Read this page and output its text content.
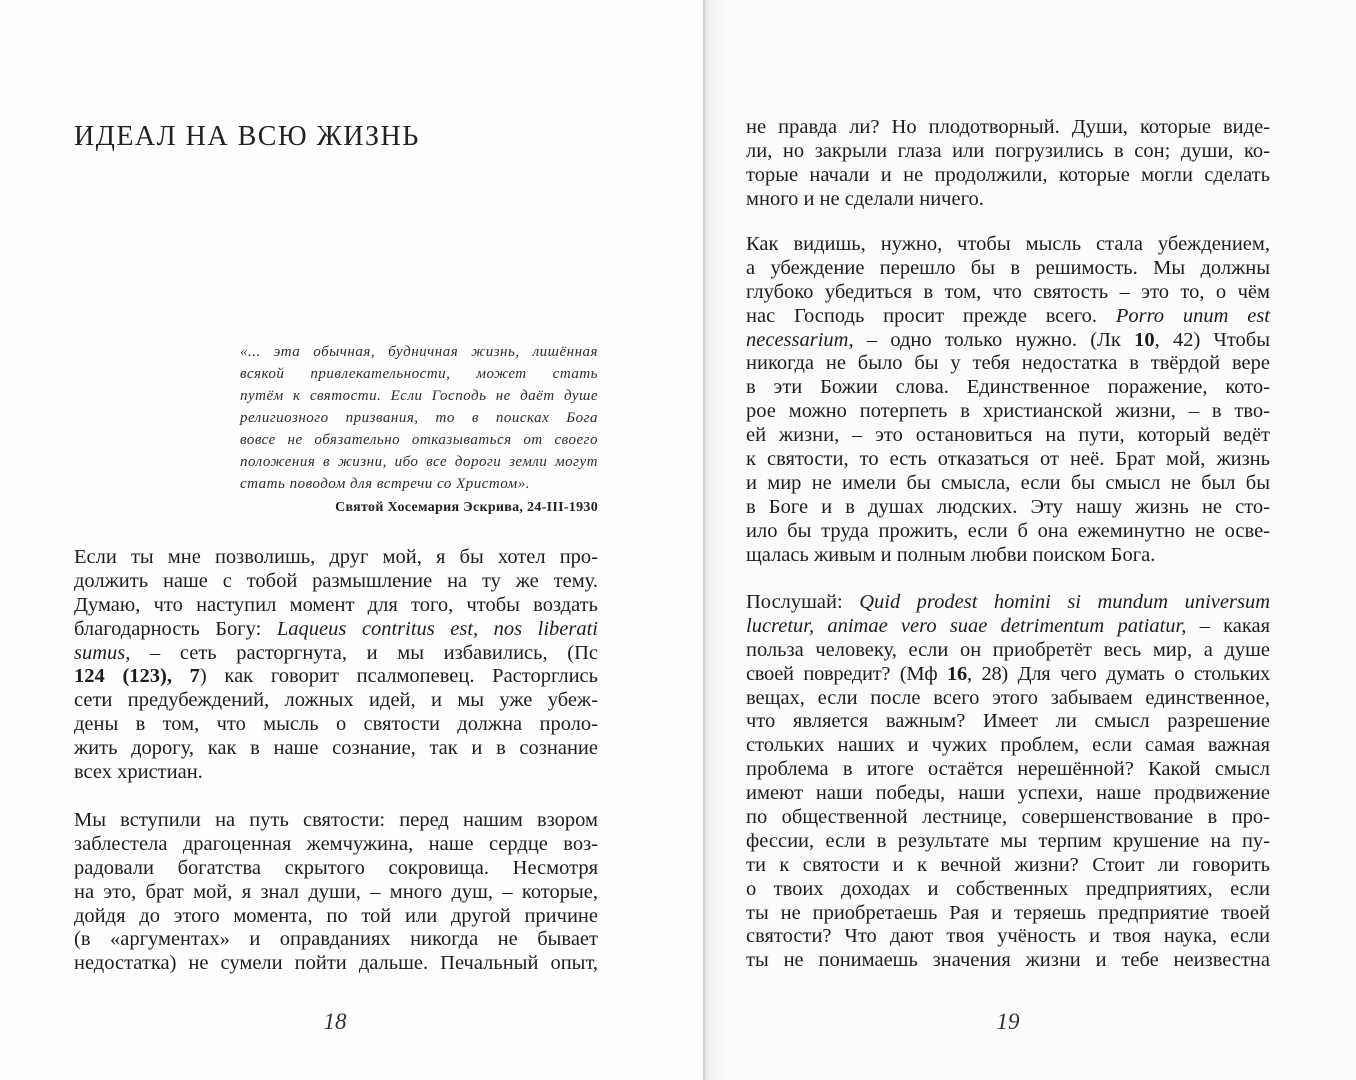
ИДЕАЛ НА ВСЮ ЖИЗНЬ
«... эта обычная, будничная жизнь, лишённая
всякой привлекательности, может стать
путём к святости. Если Господь не даёт душе
религиозного призвания, то в поисках Бога
вовсе не обязательно отказываться от своего
положения в жизни, ибо все дороги земли могут
стать поводом для встречи со Христом».
Святой Хосемария Эскрива, 24-III-1930
Если ты мне позволишь, друг мой, я бы хотел про-
должить наше с тобой размышление на ту же тему.
Думаю, что наступил момент для того, чтобы воздать
благодарность Богу: Laqueus contritus est, nos liberati
sumus, – сеть расторгнута, и мы избавились, (Пс
124 (123), 7) как говорит псалмопевец. Расторглись
сети предубеждений, ложных идей, и мы уже убеж-
дены в том, что мысль о святости должна проло-
жить дорогу, как в наше сознание, так и в сознание
всех христиан.
Мы вступили на путь святости: перед нашим взором
заблестела драгоценная жемчужина, наше сердце воз-
радовали богатства скрытого сокровища. Несмотря
на это, брат мой, я знал души, – много душ, – которые,
дойдя до этого момента, по той или другой причине
(в «аргументах» и оправданиях никогда не бывает
недостатка) не сумели пойти дальше. Печальный опыт,
18
не правда ли? Но плодотворный. Души, которые виде-
ли, но закрыли глаза или погрузились в сон; души, ко-
торые начали и не продолжили, которые могли сделать
много и не сделали ничего.
Как видишь, нужно, чтобы мысль стала убеждением,
а убеждение перешло бы в решимость. Мы должны
глубоко убедиться в том, что святость – это то, о чём
нас Господь просит прежде всего. Porro unum est
necessarium, – одно только нужно. (Лк 10, 42) Чтобы
никогда не было бы у тебя недостатка в твёрдой вере
в эти Божии слова. Единственное поражение, кото-
рое можно потерпеть в христианской жизни, – в тво-
ей жизни, – это остановиться на пути, который ведёт
к святости, то есть отказаться от неё. Брат мой, жизнь
и мир не имели бы смысла, если бы смысл не был бы
в Боге и в душах людских. Эту нашу жизнь не сто-
ило бы труда прожить, если б она ежеминутно не осве-
щалась живым и полным любви поиском Бога.
Послушай: Quid prodest homini si mundum universum
lucretur, animae vero suae detrimentum patiatur, – какая
польза человеку, если он приобретёт весь мир, а душе
своей повредит? (Мф 16, 28) Для чего думать о стольких
вещах, если после всего этого забываем единственное,
что является важным? Имеет ли смысл разрешение
стольких наших и чужих проблем, если самая важная
проблема в итоге остаётся нерешённой? Какой смысл
имеют наши победы, наши успехи, наше продвижение
по общественной лестнице, совершенствование в про-
фессии, если в результате мы терпим крушение на пу-
ти к святости и к вечной жизни? Стоит ли говорить
о твоих доходах и собственных предприятиях, если
ты не приобретаешь Рая и теряешь предприятие твоей
святости? Что дают твоя учёность и твоя наука, если
ты не понимаешь значения жизни и тебе неизвестна
19
